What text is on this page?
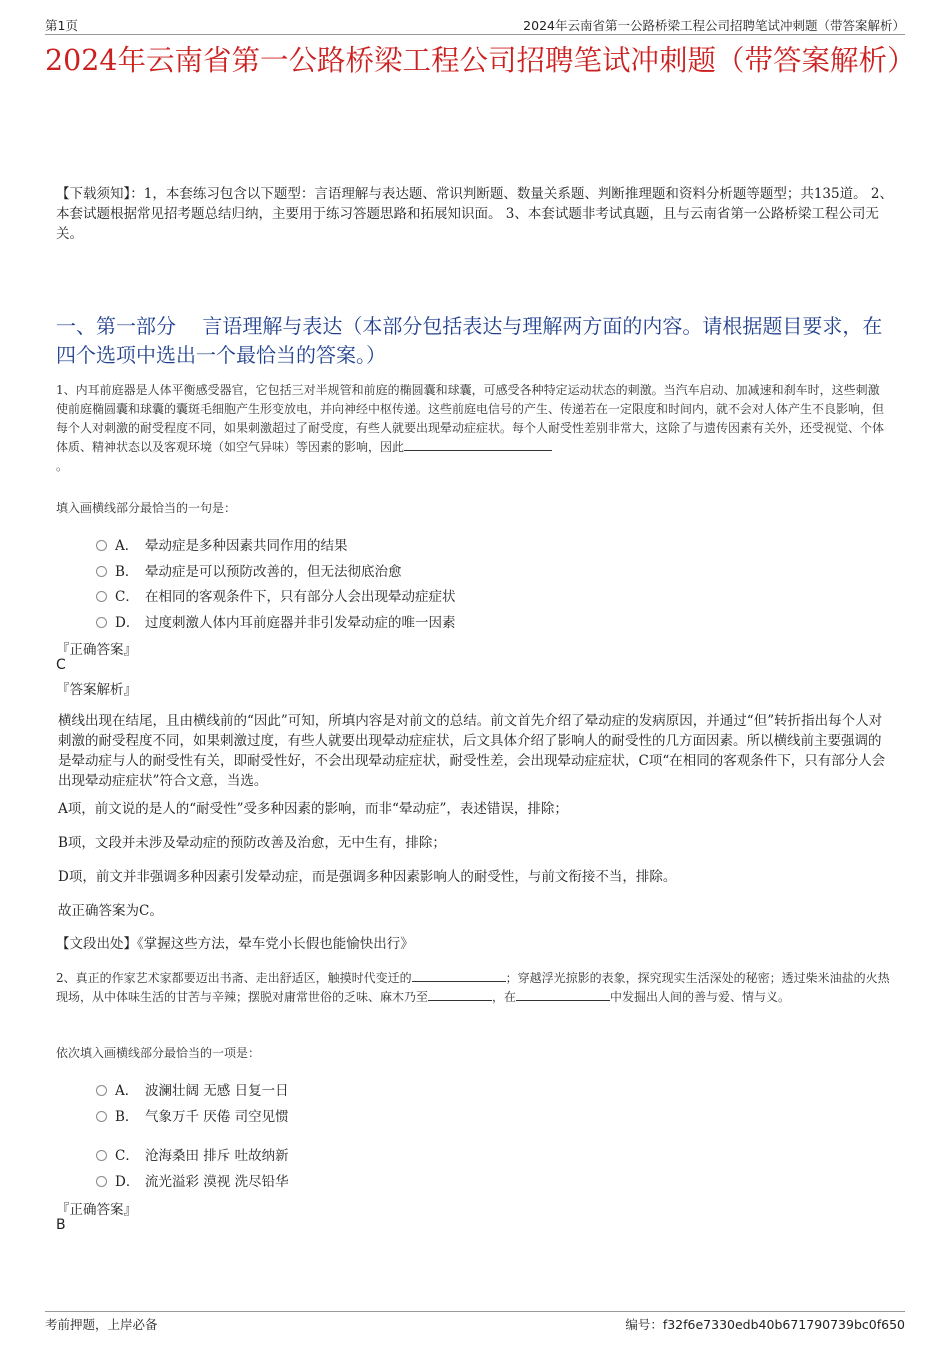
第1页	2024年云南省第一公路桥梁工程公司招聘笔试冲刺题（带答案解析）
2024年云南省第一公路桥梁工程公司招聘笔试冲刺题（带答案解析）
【下载须知】：1，本套练习包含以下题型：言语理解与表达题、常识判断题、数量关系题、判断推理题和资料分析题等题型；共135道。 2、本套试题根据常见招考题总结归纳，主要用于练习答题思路和拓展知识面。 3、本套试题非考试真题，且与云南省第一公路桥梁工程公司无关。
一、第一部分　 言语理解与表达（本部分包括表达与理解两方面的内容。请根据题目要求，在四个选项中选出一个最恰当的答案。）
1、内耳前庭器是人体平衡感受器官，它包括三对半规管和前庭的椭圆囊和球囊，可感受各种特定运动状态的刺激。当汽车启动、加减速和刹车时，这些刺激使前庭椭圆囊和球囊的囊斑毛细胞产生形变放电，并向神经中枢传递。这些前庭电信号的产生、传递若在一定限度和时间内，就不会对人体产生不良影响，但每个人对刺激的耐受程度不同，如果刺激超过了耐受度，有些人就要出现晕动症症状。每个人耐受性差别非常大，这除了与遗传因素有关外，还受视觉、个体体质、精神状态以及客观环境（如空气异味）等因素的影响，因此
。
填入画横线部分最恰当的一句是：
A． 晕动症是多种因素共同作用的结果
B． 晕动症是可以预防改善的，但无法彻底治愈
C． 在相同的客观条件下，只有部分人会出现晕动症症状
D． 过度刺激人体内耳前庭器并非引发晕动症的唯一因素
『正确答案』
C
『答案解析』
横线出现在结尾，且由横线前的“因此”可知，所填内容是对前文的总结。前文首先介绍了晕动症的发病原因，并通过“但”转折指出每个人对刺激的耐受程度不同，如果刺激过度，有些人就要出现晕动症症状，后文具体介绍了影响人的耐受性的几方面因素。所以横线前主要强调的是晕动症与人的耐受性有关，即耐受性好，不会出现晕动症症状，耐受性差，会出现晕动症症状，C项“在相同的客观条件下，只有部分人会出现晕动症症状”符合文意，当选。
A项，前文说的是人的“耐受性”受多种因素的影响，而非“晕动症”，表述错误，排除；
B项，文段并未涉及晕动症的预防改善及治愈，无中生有，排除；
D项，前文并非强调多种因素引发晕动症，而是强调多种因素影响人的耐受性，与前文衔接不当，排除。
故正确答案为C。
【文段出处】《掌握这些方法，晕车党小长假也能愉快出行》
2、真正的作家艺术家都要迈出书斋、走出舒适区，触摸时代变迁的	；穿越浮光掠影的表象，探究现实生活深处的秘密；透过柴米油盐的火热现场，从中体味生活的甘苦与辛辣；摆脱对庸常世俗的乏味、麻木乃至	，在	中发掘出人间的善与爱、情与义。
依次填入画横线部分最恰当的一项是：
A． 波澜壮阔 无感 日复一日
B． 气象万千 厌倦 司空见惯
C． 沧海桑田 排斥 吐故纳新
D． 流光溢彩 漠视 洗尽铅华
『正确答案』
B
考前押题，上岸必备	编号：f32f6e7330edb40b671790739bc0f650
